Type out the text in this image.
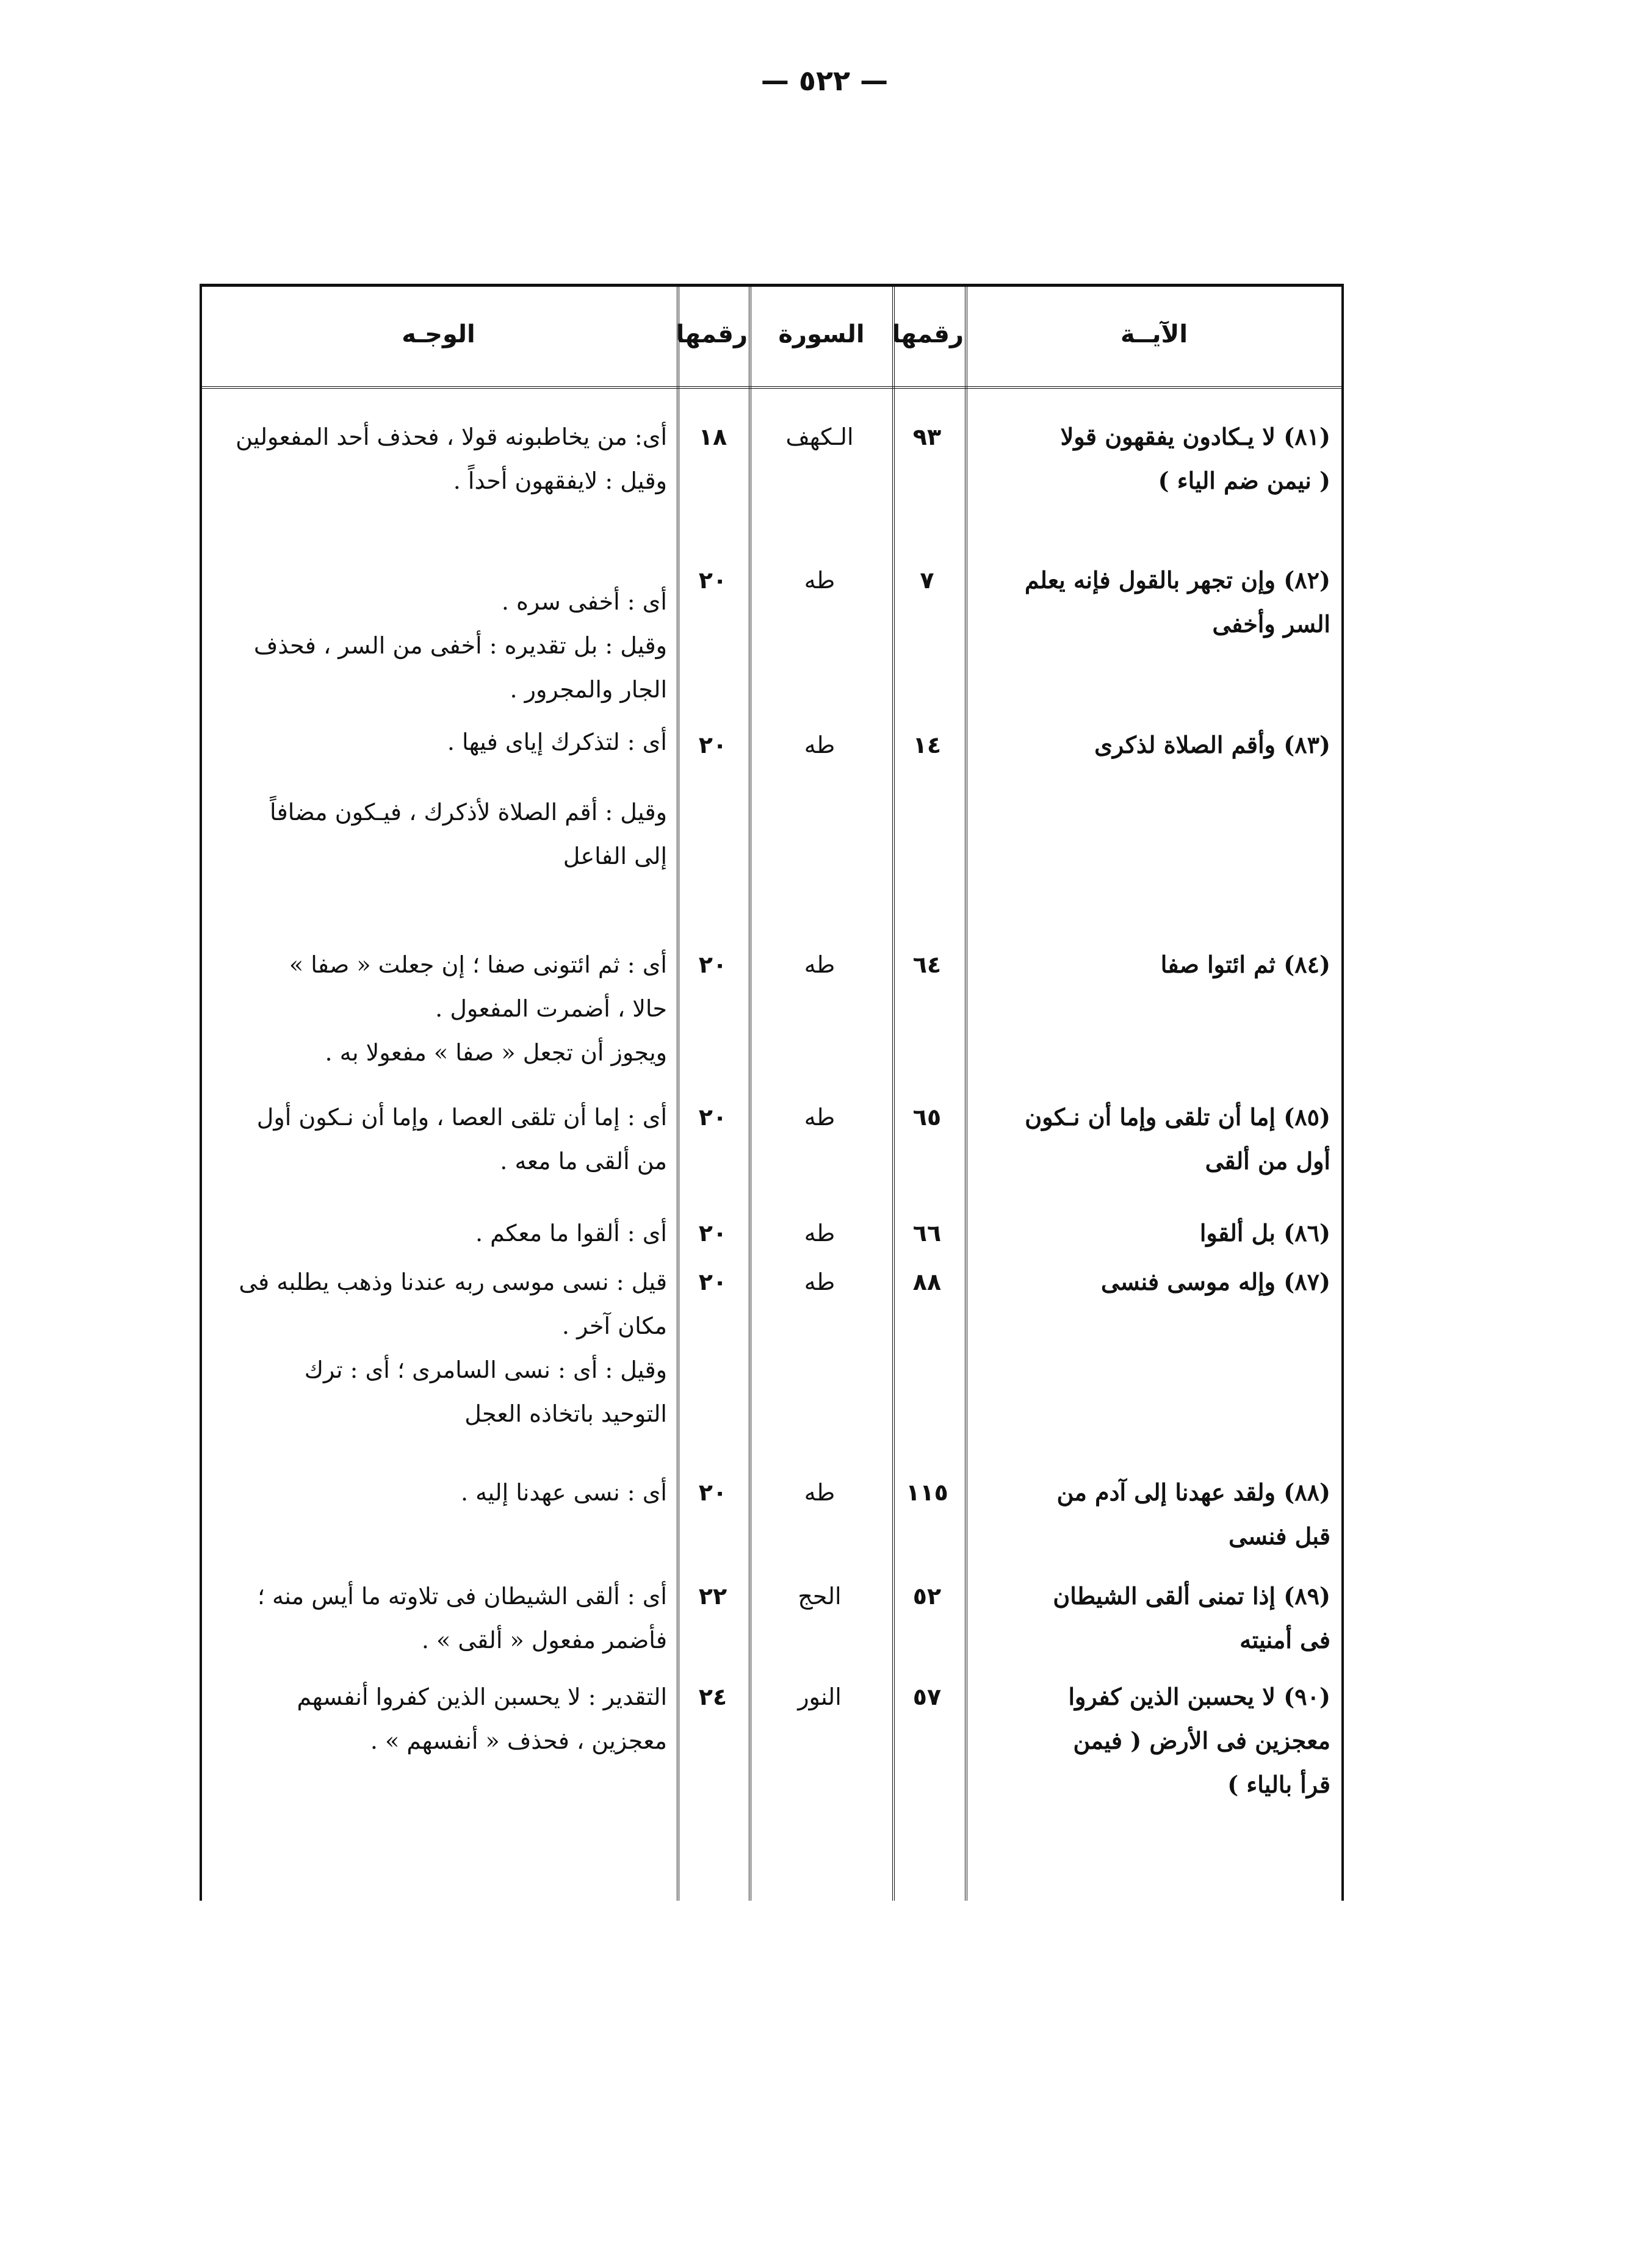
— ٥٢٢ —
الآيــة
رقمها
السورة
رقمها
الوجـه
(٨١) لا يـكادون يفقهون قولا
( نيمن ضم الياء )
٩٣
الـكهف
١٨
أى: من يخاطبونه قولا ، فحذف أحد المفعولين
وقيل : لايفقهون أحداً .
(٨٢) وإن تجهر بالقول فإنه يعلم
السر وأخفى
٧
طه
٢٠
أى : أخفى سره .
وقيل : بل تقديره : أخفى من السر ، فحذف
الجار والمجرور .
(٨٣) وأقم الصلاة لذكرى
١٤
طه
٢٠
أى : لتذكرك إياى فيها .
وقيل : أقم الصلاة لأذكرك ، فيـكون مضافاً
إلى الفاعل
(٨٤) ثم ائتوا صفا
٦٤
طه
٢٠
أى : ثم ائتونى صفا ؛ إن جعلت « صفا »
حالا ، أضمرت المفعول .
ويجوز أن تجعل « صفا » مفعولا به .
(٨٥) إما أن تلقى وإما أن نـكون
أول من ألقى
٦٥
طه
٢٠
أى : إما أن تلقى العصا ، وإما أن نـكون أول
من ألقى ما معه .
(٨٦) بل ألقوا
٦٦
طه
٢٠
أى : ألقوا ما معكم .
(٨٧) وإله موسى فنسى
٨٨
طه
٢٠
قيل : نسى موسى ربه عندنا وذهب يطلبه فى
مكان آخر .
وقيل : أى : نسى السامرى ؛ أى : ترك
التوحيد باتخاذه العجل
(٨٨) ولقد عهدنا إلى آدم من
قبل فنسى
١١٥
طه
٢٠
أى : نسى عهدنا إليه .
(٨٩) إذا تمنى ألقى الشيطان
فى أمنيته
٥٢
الحج
٢٢
أى : ألقى الشيطان فى تلاوته ما أيس منه ؛
فأضمر مفعول « ألقى » .
(٩٠) لا يحسبن الذين كفروا
معجزين فى الأرض ( فيمن
قرأ بالياء )
٥٧
النور
٢٤
التقدير : لا يحسبن الذين كفروا أنفسهم
معجزين ، فحذف « أنفسهم » .
